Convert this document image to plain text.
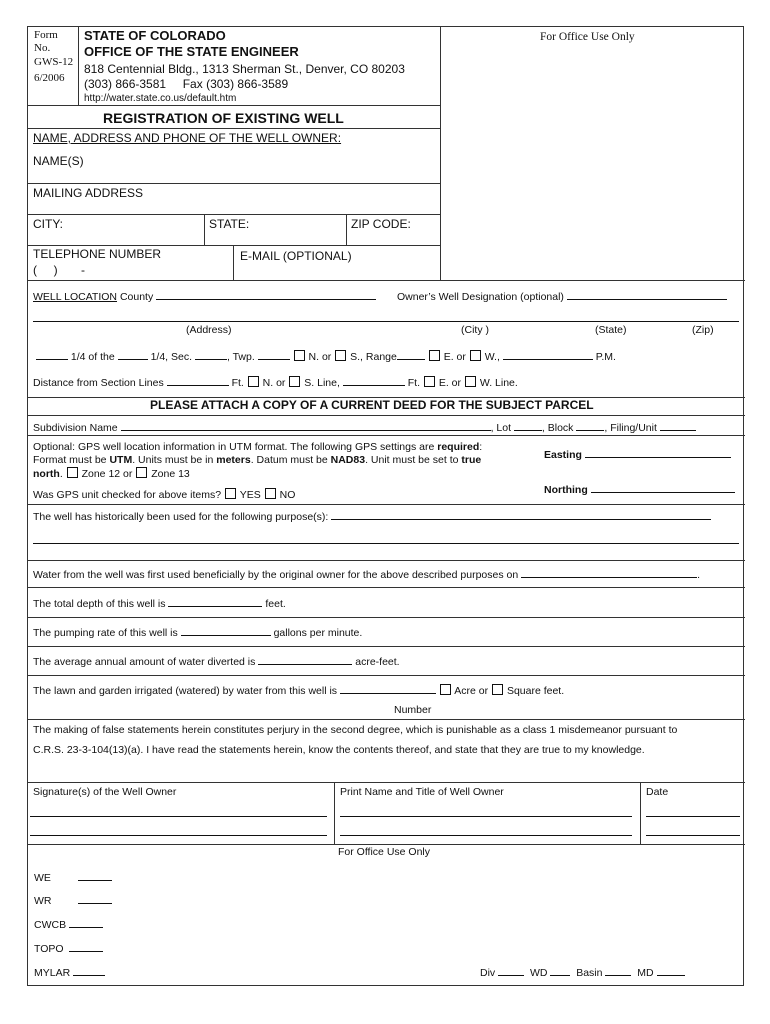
Form
No.
GWS-12
6/2006
STATE OF COLORADO
OFFICE OF THE STATE ENGINEER
818 Centennial Bldg., 1313 Sherman St., Denver, CO 80203
(303) 866-3581     Fax (303) 866-3589
http://water.state.co.us/default.htm
For Office Use Only
REGISTRATION OF EXISTING WELL
NAME, ADDRESS AND PHONE OF THE WELL OWNER:
NAME(S)
MAILING ADDRESS
CITY:	STATE:	ZIP CODE:
TELEPHONE NUMBER
(     )       -
E-MAIL (OPTIONAL)
WELL LOCATION County	Owner’s Well Designation (optional)
(Address)	(City )	(State)	(Zip)
1/4 of the	1/4, Sec.	, Twp.	N. or S., Range	E. or W.,	P.M.
Distance from Section Lines	Ft. N. or S. Line,	Ft. E. or W. Line.
PLEASE ATTACH A COPY OF A CURRENT DEED FOR THE SUBJECT PARCEL
Subdivision Name	, Lot	, Block	, Filing/Unit
Optional: GPS well location information in UTM format. The following GPS settings are required:
Format must be UTM. Units must be in meters. Datum must be NAD83. Unit must be set to true
north. Zone 12 or Zone 13
Easting
Northing
Was GPS unit checked for above items? YES NO
The well has historically been used for the following purpose(s):
Water from the well was first used beneficially by the original owner for the above described purposes on	.
The total depth of this well is	feet.
The pumping rate of this well is	gallons per minute.
The average annual amount of water diverted is	acre-feet.
The lawn and garden irrigated (watered) by water from this well is	Acre or Square feet.
Number
The making of false statements herein constitutes perjury in the second degree, which is punishable as a class 1 misdemeanor pursuant to
C.R.S. 23-3-104(13)(a). I have read the statements herein, know the contents thereof, and state that they are true to my knowledge.
Signature(s) of the Well Owner	Print Name and Title of Well Owner	Date
For Office Use Only
WE
WR
CWCB
TOPO
MYLAR	Div	WD	Basin	MD
